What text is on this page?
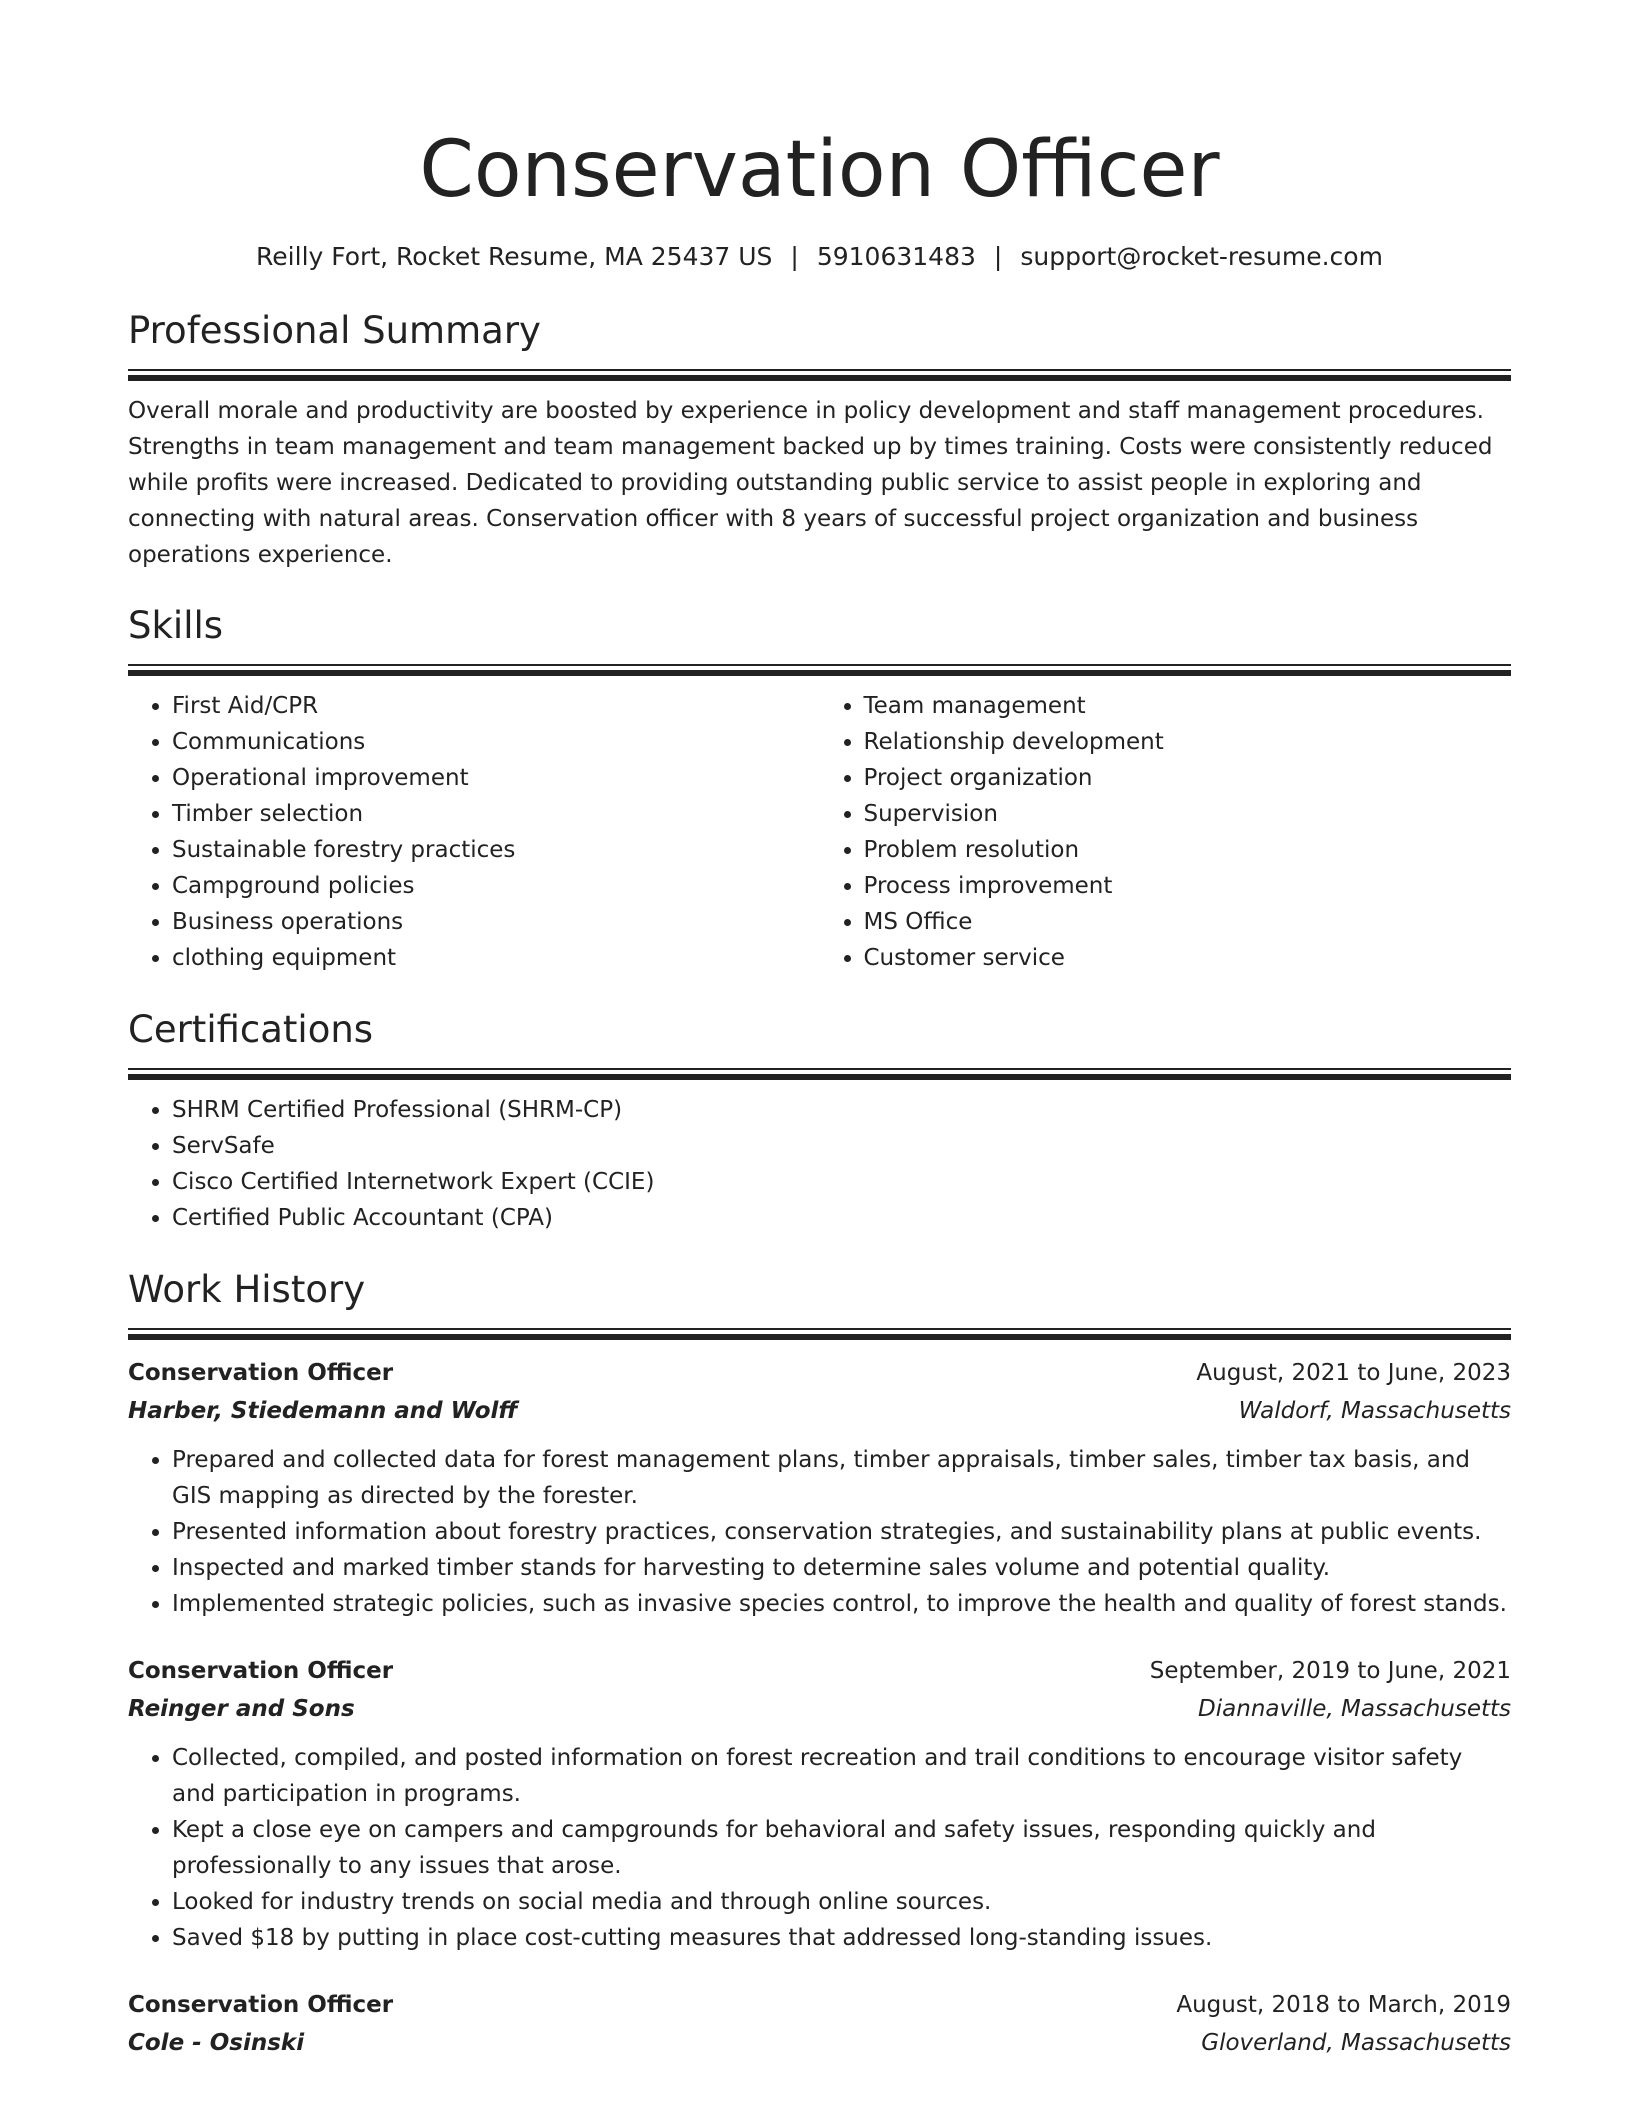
Conservation Officer
Reilly Fort, Rocket Resume, MA 25437 US | 5910631483 | support@rocket-resume.com
Professional Summary

Overall morale and productivity are boosted by experience in policy development and staff management procedures. Strengths in team management and team management backed up by times training. Costs were consistently reduced while profits were increased. Dedicated to providing outstanding public service to assist people in exploring and connecting with natural areas. Conservation officer with 8 years of successful project organization and business operations experience.

Skills
• First Aid/CPR
• Communications
• Operational improvement
• Timber selection
• Sustainable forestry practices
• Campground policies
• Business operations
• clothing equipment
• Team management
• Relationship development
• Project organization
• Supervision
• Problem resolution
• Process improvement
• MS Office
• Customer service
Certifications
• SHRM Certified Professional (SHRM-CP)
• ServSafe
• Cisco Certified Internetwork Expert (CCIE)
• Certified Public Accountant (CPA)
Work History
Conservation Officer	August, 2021 to June, 2023
Harber, Stiedemann and Wolff	Waldorf, Massachusetts
• Prepared and collected data for forest management plans, timber appraisals, timber sales, timber tax basis, and GIS mapping as directed by the forester.
• Presented information about forestry practices, conservation strategies, and sustainability plans at public events.
• Inspected and marked timber stands for harvesting to determine sales volume and potential quality.
• Implemented strategic policies, such as invasive species control, to improve the health and quality of forest stands.
Conservation Officer	September, 2019 to June, 2021
Reinger and Sons	Diannaville, Massachusetts
• Collected, compiled, and posted information on forest recreation and trail conditions to encourage visitor safety and participation in programs.
• Kept a close eye on campers and campgrounds for behavioral and safety issues, responding quickly and professionally to any issues that arose.
• Looked for industry trends on social media and through online sources.
• Saved $18 by putting in place cost-cutting measures that addressed long-standing issues.
Conservation Officer	August, 2018 to March, 2019
Cole - Osinski	Gloverland, Massachusetts
